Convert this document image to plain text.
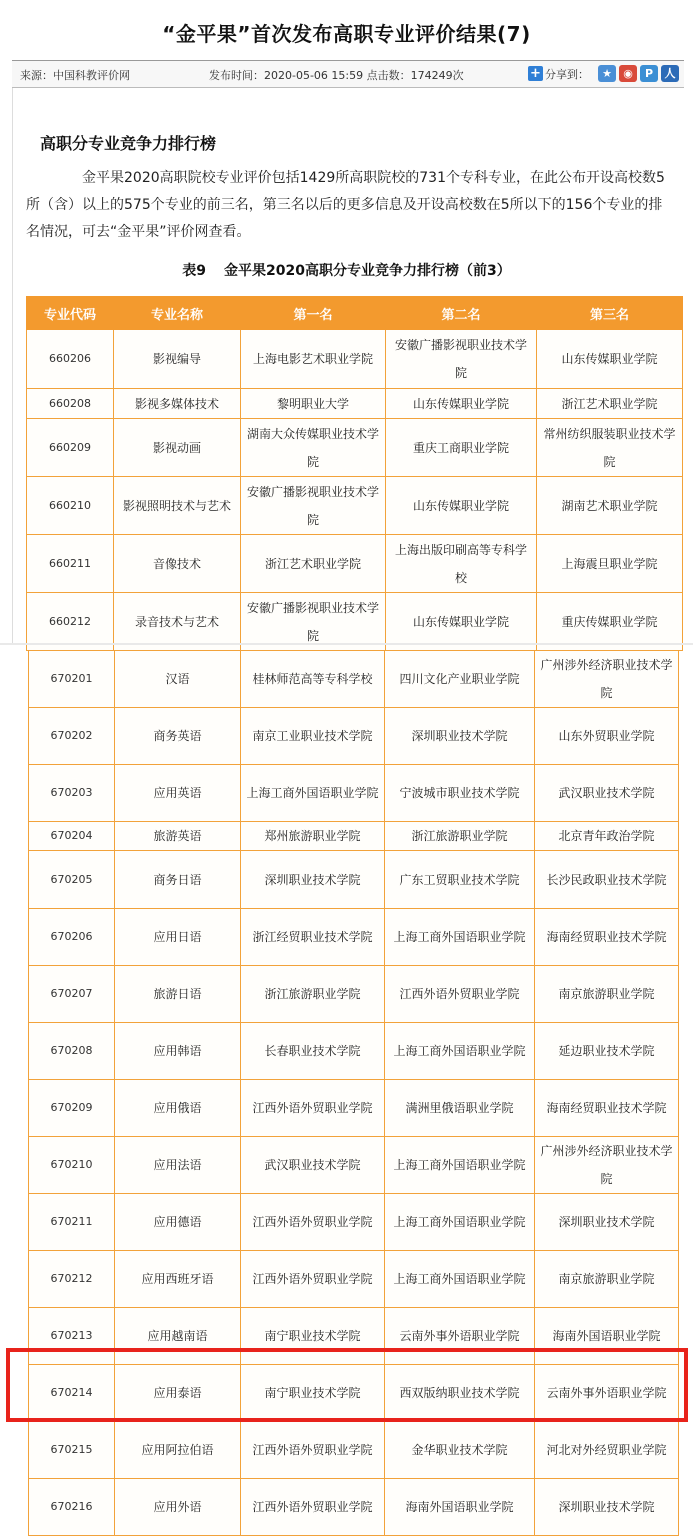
“金平果”首次发布高职专业评价结果(7)
来源：中国科教评价网	发布时间：2020-05-06 15:59 点击数：174249次	+ 分享到：	★	◉	P	人
高职分专业竞争力排行榜
金平果2020高职院校专业评价包括1429所高职院校的731个专科专业，在此公布开设高校数5所（含）以上的575个专业的前三名，第三名以后的更多信息及开设高校数在5所以下的156个专业的排名情况，可去“金平果”评价网查看。
表9 金平果2020高职分专业竞争力排行榜（前3）
专业代码	专业名称	第一名	第二名	第三名
660206	影视编导	上海电影艺术职业学院	安徽广播影视职业技术学院	山东传媒职业学院
660208	影视多媒体技术	黎明职业大学	山东传媒职业学院	浙江艺术职业学院
660209	影视动画	湖南大众传媒职业技术学院	重庆工商职业学院	常州纺织服装职业技术学院
660210	影视照明技术与艺术	安徽广播影视职业技术学院	山东传媒职业学院	湖南艺术职业学院
660211	音像技术	浙江艺术职业学院	上海出版印刷高等专科学校	上海震旦职业学院
660212	录音技术与艺术	安徽广播影视职业技术学院	山东传媒职业学院	重庆传媒职业学院
670201	汉语	桂林师范高等专科学校	四川文化产业职业学院	广州涉外经济职业技术学院
670202	商务英语	南京工业职业技术学院	深圳职业技术学院	山东外贸职业学院
670203	应用英语	上海工商外国语职业学院	宁波城市职业技术学院	武汉职业技术学院
670204	旅游英语	郑州旅游职业学院	浙江旅游职业学院	北京青年政治学院
670205	商务日语	深圳职业技术学院	广东工贸职业技术学院	长沙民政职业技术学院
670206	应用日语	浙江经贸职业技术学院	上海工商外国语职业学院	海南经贸职业技术学院
670207	旅游日语	浙江旅游职业学院	江西外语外贸职业学院	南京旅游职业学院
670208	应用韩语	长春职业技术学院	上海工商外国语职业学院	延边职业技术学院
670209	应用俄语	江西外语外贸职业学院	满洲里俄语职业学院	海南经贸职业技术学院
670210	应用法语	武汉职业技术学院	上海工商外国语职业学院	广州涉外经济职业技术学院
670211	应用德语	江西外语外贸职业学院	上海工商外国语职业学院	深圳职业技术学院
670212	应用西班牙语	江西外语外贸职业学院	上海工商外国语职业学院	南京旅游职业学院
670213	应用越南语	南宁职业技术学院	云南外事外语职业学院	海南外国语职业学院
670214	应用泰语	南宁职业技术学院	西双版纳职业技术学院	云南外事外语职业学院
670215	应用阿拉伯语	江西外语外贸职业学院	金华职业技术学院	河北对外经贸职业学院
670216	应用外语	江西外语外贸职业学院	海南外国语职业学院	深圳职业技术学院
